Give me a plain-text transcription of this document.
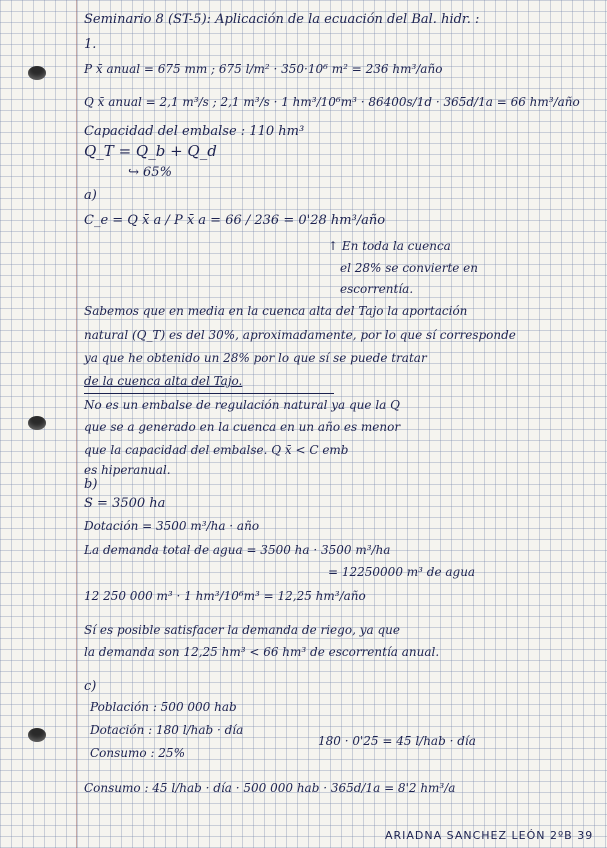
Seminario 8 (ST-5): Aplicación de la ecuación del Bal. hidr. :
1.
P x̄ anual = 675 mm ; 675 l/m² · 350·10⁶ m² = 236 hm³/año
Q x̄ anual = 2,1 m³/s ; 2,1 m³/s · 1 hm³/10⁶m³ · 86400s/1d · 365d/1a = 66 hm³/año
Capacidad del embalse : 110 hm³
Q_T = Q_b + Q_d
↪ 65%
a)
C_e = Q x̄ a / P x̄ a = 66 / 236 = 0'28 hm³/año
↑ En toda la cuenca
el 28% se convierte en
escorrentía.
Sabemos que en media en la cuenca alta del Tajo la aportación
natural (Q_T) es del 30%, aproximadamente, por lo que sí corresponde
ya que he obtenido un 28% por lo que sí se puede tratar
de la cuenca alta del Tajo.
No es un embalse de regulación natural ya que la Q
que se a generado en la cuenca en un año es menor
que la capacidad del embalse. Q x̄ < C emb
es hiperanual.
b)
S = 3500 ha
Dotación = 3500 m³/ha · año
La demanda total de agua = 3500 ha · 3500 m³/ha
= 12250000 m³ de agua
12 250 000 m³ · 1 hm³/10⁶m³ = 12,25 hm³/año
Sí es posible satisfacer la demanda de riego, ya que
la demanda son 12,25 hm³ < 66 hm³ de escorrentía anual.
c)
Población : 500 000 hab
Dotación : 180 l/hab · día
Consumo : 25%
180 · 0'25 = 45 l/hab · día
Consumo : 45 l/hab · día · 500 000 hab · 365d/1a = 8'2 hm³/a
ARIADNA SANCHEZ LEÓN 2ºB 39
